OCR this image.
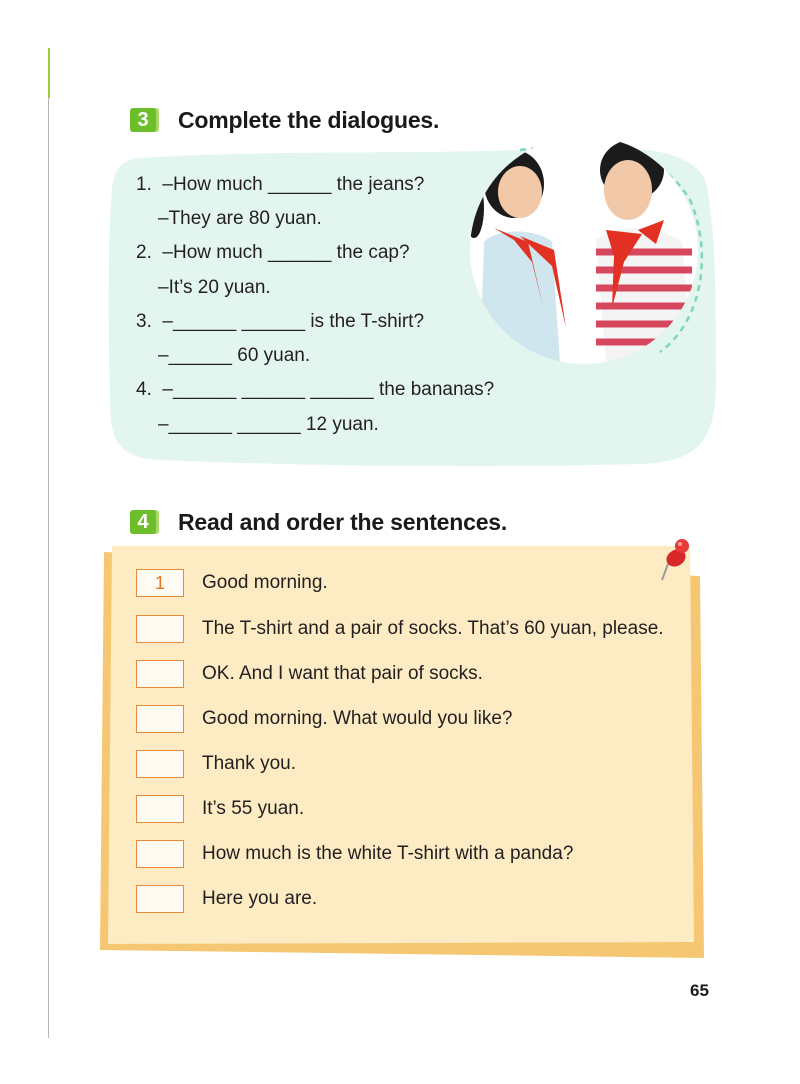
3	Complete the dialogues.
1.  –How much ______ the jeans?
–They are 80 yuan.
2.  –How much ______ the cap?
–It’s 20 yuan.
3.  –______ ______ is the T-shirt?
–______ 60 yuan.
4.  –______ ______ ______ the bananas?
–______ ______ 12 yuan.
4	Read and order the sentences.
1	Good morning.
The T-shirt and a pair of socks. That’s 60 yuan, please.
OK. And I want that pair of socks.
Good morning. What would you like?
Thank you.
It’s 55 yuan.
How much is the white T-shirt with a panda?
Here you are.
65
